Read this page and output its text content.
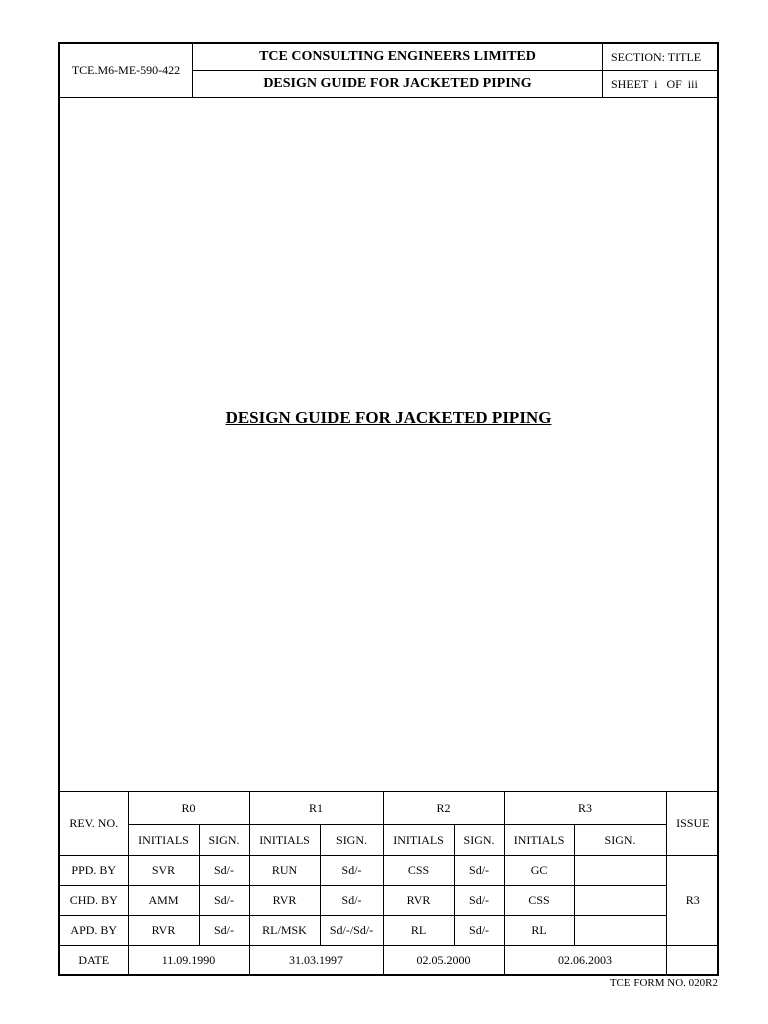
TCE.M6-ME-590-422
TCE CONSULTING ENGINEERS LIMITED
DESIGN GUIDE FOR JACKETED PIPING
SECTION: TITLE
SHEET  i   OF  iii
DESIGN GUIDE FOR JACKETED PIPING
REV. NO.	R0		R1		R2		R3		ISSUE
	INITIALS	SIGN.	INITIALS	SIGN.	INITIALS	SIGN.	INITIALS	SIGN.	
PPD. BY	SVR	Sd/-	RUN	Sd/-	CSS	Sd/-	GC		R3
CHD. BY	AMM	Sd/-	RVR	Sd/-	RVR	Sd/-	CSS		
APD. BY	RVR	Sd/-	RL/MSK	Sd/-/Sd/-	RL	Sd/-	RL		
DATE	11.09.1990		31.03.1997		02.05.2000		02.06.2003		
TCE FORM NO. 020R2
